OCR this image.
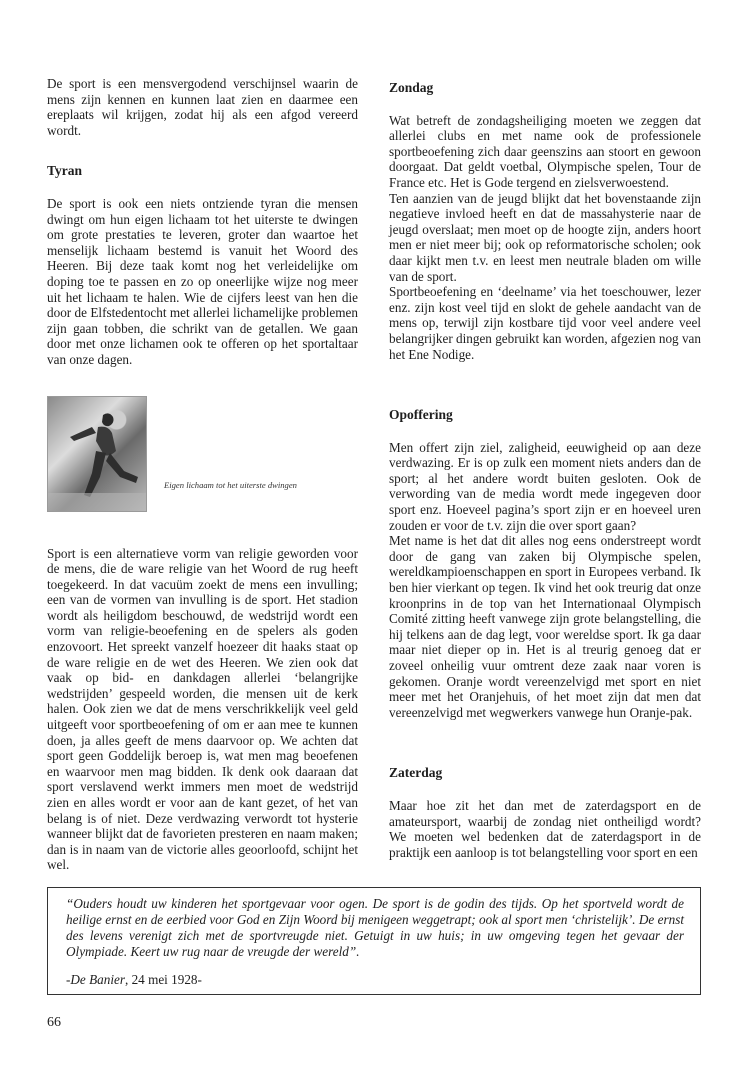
De sport is een mensvergodend verschijnsel waarin de mens zijn kennen en kunnen laat zien en daarmee een ereplaats wil krijgen, zodat hij als een afgod vereerd wordt.

Tyran

De sport is ook een niets ontziende tyran die mensen dwingt om hun eigen lichaam tot het uiterste te dwingen om grote prestaties te leveren, groter dan waartoe het menselijk lichaam bestemd is vanuit het Woord des Heeren. Bij deze taak komt nog het verleidelijke om doping toe te passen en zo op oneerlijke wijze nog meer uit het lichaam te halen. Wie de cijfers leest van hen die door de Elfstedentocht met allerlei lichamelijke problemen zijn gaan tobben, die schrikt van de getallen. We gaan door met onze lichamen ook te offeren op het sportaltaar van onze dagen.

Eigen lichaam tot het uiterste dwingen

Sport is een alternatieve vorm van religie geworden voor de mens, die de ware religie van het Woord de rug heeft toegekeerd. In dat vacuüm zoekt de mens een invulling; een van de vormen van invulling is de sport. Het stadion wordt als heiligdom beschouwd, de wedstrijd wordt een vorm van religie-beoefening en de spelers als goden enzovoort. Het spreekt vanzelf hoezeer dit haaks staat op de ware religie en de wet des Heeren. We zien ook dat vaak op bid- en dankdagen allerlei ‘belangrijke wedstrijden’ gespeeld worden, die mensen uit de kerk halen. Ook zien we dat de mens verschrikkelijk veel geld uitgeeft voor sportbeoefening of om er aan mee te kunnen doen, ja alles geeft de mens daarvoor op. We achten dat sport geen Goddelijk beroep is, wat men mag beoefenen en waarvoor men mag bidden. Ik denk ook daaraan dat sport verslavend werkt immers men moet de wedstrijd zien en alles wordt er voor aan de kant gezet, of het van belang is of niet. Deze verdwazing verwordt tot hysterie wanneer blijkt dat de favorieten presteren en naam maken; dan is in naam van de victorie alles geoorloofd, schijnt het wel.

Zondag

Wat betreft de zondagsheiliging moeten we zeggen dat allerlei clubs en met name ook de professionele sportbeoefening zich daar geenszins aan stoort en gewoon doorgaat. Dat geldt voetbal, Olympische spelen, Tour de France etc. Het is Gode tergend en zielsverwoestend.

Ten aanzien van de jeugd blijkt dat het bovenstaande zijn negatieve invloed heeft en dat de massahysterie naar de jeugd overslaat; men moet op de hoogte zijn, anders hoort men er niet meer bij; ook op reformatorische scholen; ook daar kijkt men t.v. en leest men neutrale bladen om wille van de sport.

Sportbeoefening en ‘deelname’ via het toeschouwer, lezer enz. zijn kost veel tijd en slokt de gehele aandacht van de mens op, terwijl zijn kostbare tijd voor veel andere veel belangrijker dingen gebruikt kan worden, afgezien nog van het Ene Nodige.

Opoffering

Men offert zijn ziel, zaligheid, eeuwigheid op aan deze verdwazing. Er is op zulk een moment niets anders dan de sport; al het andere wordt buiten gesloten. Ook de verwording van de media wordt mede ingegeven door sport enz. Hoeveel pagina’s sport zijn er en hoeveel uren zouden er voor de t.v. zijn die over sport gaan?

Met name is het dat dit alles nog eens onderstreept wordt door de gang van zaken bij Olympische spelen, wereldkampioenschappen en sport in Europees verband. Ik ben hier vierkant op tegen. Ik vind het ook treurig dat onze kroonprins in de top van het Internationaal Olympisch Comité zitting heeft vanwege zijn grote belangstelling, die hij telkens aan de dag legt, voor wereldse sport. Ik ga daar maar niet dieper op in. Het is al treurig genoeg dat er zoveel onheilig vuur omtrent deze zaak naar voren is gekomen. Oranje wordt vereenzelvigd met sport en niet meer met het Oranjehuis, of het moet zijn dat men dat vereenzelvigd met wegwerkers vanwege hun Oranje-pak.

Zaterdag

Maar hoe zit het dan met de zaterdagsport en de amateursport, waarbij de zondag niet ontheiligd wordt? We moeten wel bedenken dat de zaterdagsport in de praktijk een aanloop is tot belangstelling voor sport en een

“Ouders houdt uw kinderen het sportgevaar voor ogen. De sport is de godin des tijds. Op het sportveld wordt de heilige ernst en de eerbied voor God en Zijn Woord bij menigeen weggetrapt; ook al sport men ‘christelijk’. De ernst des levens verenigt zich met de sportvreugde niet. Getuigt in uw huis; in uw omgeving tegen het gevaar der Olympiade. Keert uw rug naar de vreugde der wereld”.
-De Banier, 24 mei 1928-
66
